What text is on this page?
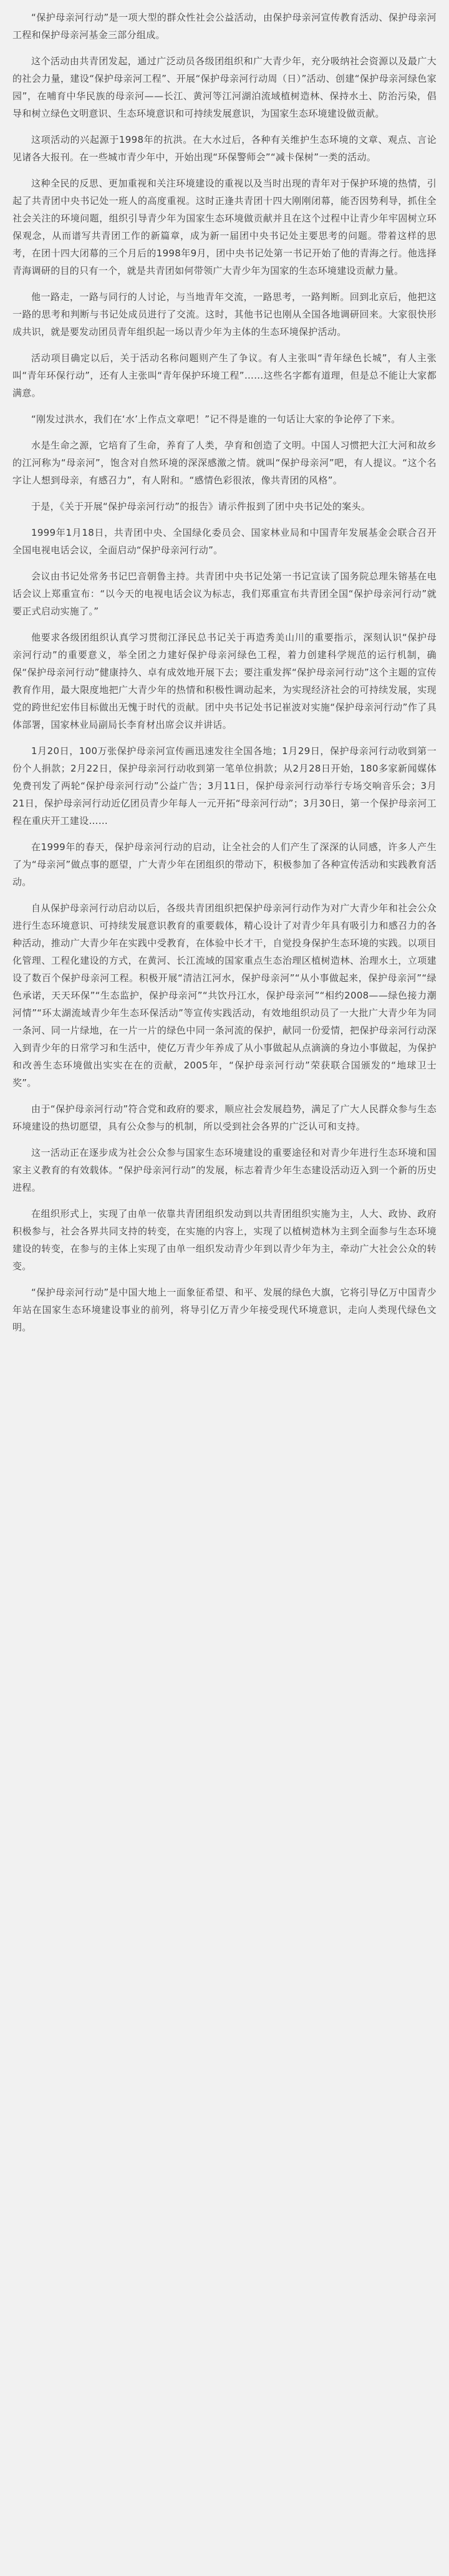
“保护母亲河行动”是一项大型的群众性社会公益活动，由保护母亲河宣传教育活动、保护母亲河工程和保护母亲河基金三部分组成。

这个活动由共青团发起，通过广泛动员各级团组织和广大青少年，充分吸纳社会资源以及最广大的社会力量，建设“保护母亲河工程”、开展“保护母亲河行动周（日）”活动、创建“保护母亲河绿色家园”，在哺育中华民族的母亲河——长江、黄河等江河湖泊流域植树造林、保持水土、防治污染，倡导和树立绿色文明意识、生态环境意识和可持续发展意识，为国家生态环境建设做贡献。

这项活动的兴起源于1998年的抗洪。在大水过后，各种有关维护生态环境的文章、观点、言论见诸各大报刊。在一些城市青少年中，开始出现“环保警师会”“减卡保树”一类的活动。

这种全民的反思、更加重视和关注环境建设的重视以及当时出现的青年对于保护环境的热情，引起了共青团中央书记处一班人的高度重视。这时正逢共青团十四大刚刚闭幕，能否因势利导，抓住全社会关注的环境问题，组织引导青少年为国家生态环境做贡献并且在这个过程中让青少年牢固树立环保观念，从而谱写共青团工作的新篇章，成为新一届团中央书记处主要思考的问题。带着这样的思考，在团十四大闭幕的三个月后的1998年9月，团中央书记处第一书记开始了他的青海之行。他选择青海调研的目的只有一个，就是共青团如何带领广大青少年为国家的生态环境建设贡献力量。

他一路走，一路与同行的人讨论，与当地青年交流，一路思考，一路判断。回到北京后，他把这一路的思考和判断与书记处成员进行了交流。这时，其他书记也刚从全国各地调研回来。大家很快形成共识，就是要发动团员青年组织起一场以青少年为主体的生态环境保护活动。

活动项目确定以后，关于活动名称问题则产生了争议。有人主张叫“青年绿色长城”，有人主张叫“青年环保行动”，还有人主张叫“青年保护环境工程”……这些名字都有道理，但是总不能让大家都满意。

“刚发过洪水，我们在‘水’上作点文章吧！”记不得是谁的一句话让大家的争论停了下来。

水是生命之源，它培育了生命，养育了人类，孕育和创造了文明。中国人习惯把大江大河和故乡的江河称为“母亲河”，饱含对自然环境的深深感激之情。就叫“保护母亲河”吧，有人提议。“这个名字让人想到母亲，有感召力”，有人附和。“感情色彩很浓，像共青团的风格”。

于是，《关于开展“保护母亲河行动”的报告》请示件报到了团中央书记处的案头。

1999年1月18日，共青团中央、全国绿化委员会、国家林业局和中国青年发展基金会联合召开全国电视电话会议，全面启动“保护母亲河行动”。

会议由书记处常务书记巴音朝鲁主持。共青团中央书记处第一书记宣读了国务院总理朱镕基在电话会议上郑重宣布：“以今天的电视电话会议为标志，我们郑重宣布共青团全国“保护母亲河行动”就要正式启动实施了。”

他要求各级团组织认真学习贯彻江泽民总书记关于再造秀美山川的重要指示，深刻认识“保护母亲河行动”的重要意义，举全团之力建好保护母亲河绿色工程，着力创建科学规范的运行机制，确保“保护母亲河行动”健康持久、卓有成效地开展下去；要注重发挥“保护母亲河行动”这个主题的宣传教育作用，最大限度地把广大青少年的热情和积极性调动起来，为实现经济社会的可持续发展，实现党的跨世纪宏伟目标做出无愧于时代的贡献。团中央书记处书记崔波对实施“保护母亲河行动”作了具体部署，国家林业局副局长李育材出席会议并讲话。

1月20日，100万张保护母亲河宣传画迅速发往全国各地；1月29日，保护母亲河行动收到第一份个人捐款；2月22日，保护母亲河行动收到第一笔单位捐款；从2月28日开始，180多家新闻媒体免费刊发了两轮“保护母亲河行动”公益广告；3月11日，保护母亲河行动举行专场交响音乐会；3月21日，保护母亲河行动近亿团员青少年每人一元开拓“母亲河行动”；3月30日，第一个保护母亲河工程在重庆开工建设……

在1999年的春天，保护母亲河行动的启动，让全社会的人们产生了深深的认同感，许多人产生了为“母亲河”做点事的愿望，广大青少年在团组织的带动下，积极参加了各种宣传活动和实践教育活动。

自从保护母亲河行动启动以后，各级共青团组织把保护母亲河行动作为对广大青少年和社会公众进行生态环境意识、可持续发展意识教育的重要载体，精心设计了对青少年具有吸引力和感召力的各种活动，推动广大青少年在实践中受教育，在体验中长才干，自觉投身保护生态环境的实践。以项目化管理、工程化建设的方式，在黄河、长江流域的国家重点生态治理区植树造林、治理水土，立项建设了数百个保护母亲河工程。积极开展“清洁江河水，保护母亲河”“从小事做起来，保护母亲河”“绿色承诺，天天环保”“生态监护，保护母亲河”“共饮丹江水，保护母亲河”“相约2008——绿色接力潮河情”“环太湖流域青少年生态环保活动”等宣传实践活动，有效地组织动员了一大批广大青少年为同一条河、同一片绿地，在一片一片的绿色中同一条河流的保护，献同一份爱情，把保护母亲河行动深入到青少年的日常学习和生活中，使亿万青少年养成了从小事做起从点滴滴的身边小事做起，为保护和改善生态环境做出实实在在的贡献，2005年，“保护母亲河行动”荣获联合国颁发的“地球卫士奖”。

由于“保护母亲河行动”符合党和政府的要求，顺应社会发展趋势，满足了广大人民群众参与生态环境建设的热切愿望，具有公众参与的机制，所以受到社会各界的广泛认可和支持。

这一活动正在逐步成为社会公众参与国家生态环境建设的重要途径和对青少年进行生态环境和国家主义教育的有效载体。“保护母亲河行动”的发展，标志着青少年生态建设活动迈入到一个新的历史进程。

在组织形式上，实现了由单一依靠共青团组织发动到以共青团组织实施为主，人大、政协、政府积极参与，社会各界共同支持的转变，在实施的内容上，实现了以植树造林为主到全面参与生态环境建设的转变，在参与的主体上实现了由单一组织发动青少年到以青少年为主，牵动广大社会公众的转变。

“保护母亲河行动”是中国大地上一面象征希望、和平、发展的绿色大旗，它将引导亿万中国青少年站在国家生态环境建设事业的前列，将导引亿万青少年接受现代环境意识，走向人类现代绿色文明。
